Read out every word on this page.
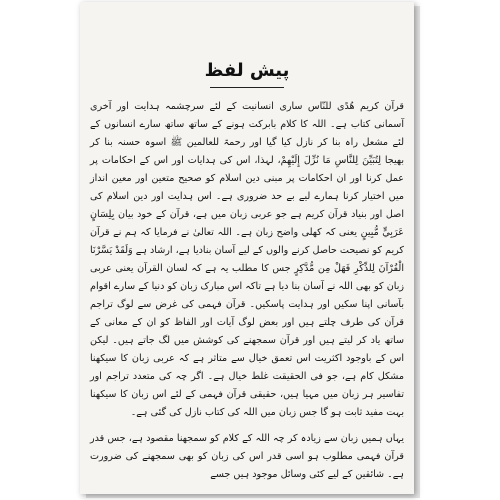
پیش لفظ

قرآن کریم ھُدًی للنّاس ساری انسانیت کے لئے سرچشمہ ہدایت اور آخری آسمانی کتاب ہے۔ اللہ کا کلام بابرکت ہونے کے ساتھ ساتھ سارے انسانوں کے لئے مشعل راہ بنا کر نازل کیا گیا اور رحمۃ للعالمین ﷺ اسوہ حسنہ بنا کر بھیجا لِتُبَيِّنَ لِلنَّاسِ مَا نُزِّلَ إِلَيْهِمْ، لہذا، اس کی ہدایات اور اس کے احکامات پر عمل کرنا اور ان احکامات پر مبنی دین اسلام کو صحیح متعین اور معین انداز میں اختیار کرنا ہمارے لیے بے حد ضروری ہے۔ اس ہدایت اور دین اسلام کی اصل اور بنیاد قرآن کریم ہے جو عربی زبان میں ہے، قرآن کے خود بیان بِلِسَانٍ عَرَبِيٍّ مُّبِينٍ یعنی کہ کھلی واضح زبان ہے۔ اللہ تعالیٰ نے فرمایا کہ ہم نے قرآن کریم کو نصیحت حاصل کرنے والوں کے لیے آسان بنادیا ہے، ارشاد ہے وَلَقَدْ يَسَّرْنَا الْقُرْآنَ لِلذِّكْرِ فَهَلْ مِن مُّدَّكِرٍ جس کا مطلب یہ ہے کہ لسان القرآن یعنی عربی زبان کو بھی اللہ نے آسان بنا دیا ہے تاکہ اس مبارک زبان کو دنیا کے سارے اقوام بآسانی اپنا سکیں اور ہدایت پاسکیں۔ قرآن فہمی کی غرض سے لوگ تراجم قرآن کی طرف چلتے ہیں اور بعض لوگ آیات اور الفاظ کو ان کے معانی کے ساتھ یاد کر لیتے ہیں اور قرآن سمجھنے کی کوشش میں لگ جاتے ہیں۔ لیکن اس کے باوجود اکثریت اس تعمق خیال سے متاثر ہے کہ عربی زبان کا سیکھنا مشکل کام ہے، جو فی الحقیقت غلط خیال ہے۔ اگر چہ کی متعدد تراجم اور تفاسیر ہر زبان میں مہیا ہیں، حقیقی قرآن فہمی کے لئے اس زبان کا سیکھنا بہت مفید ثابت ہو گا جس زبان میں اللہ کی کتاب نازل کی گئی ہے۔

یہاں ہمیں زبان سے زیادہ کر چہ اللہ کے کلام کو سمجھنا مقصود ہے، جس قدر قرآن فہمی مطلوب ہو اسی قدر اس کی زبان کو بھی سمجھنے کی ضرورت ہے۔ شائقین کے لیے کئی وسائل موجود ہیں جسے
